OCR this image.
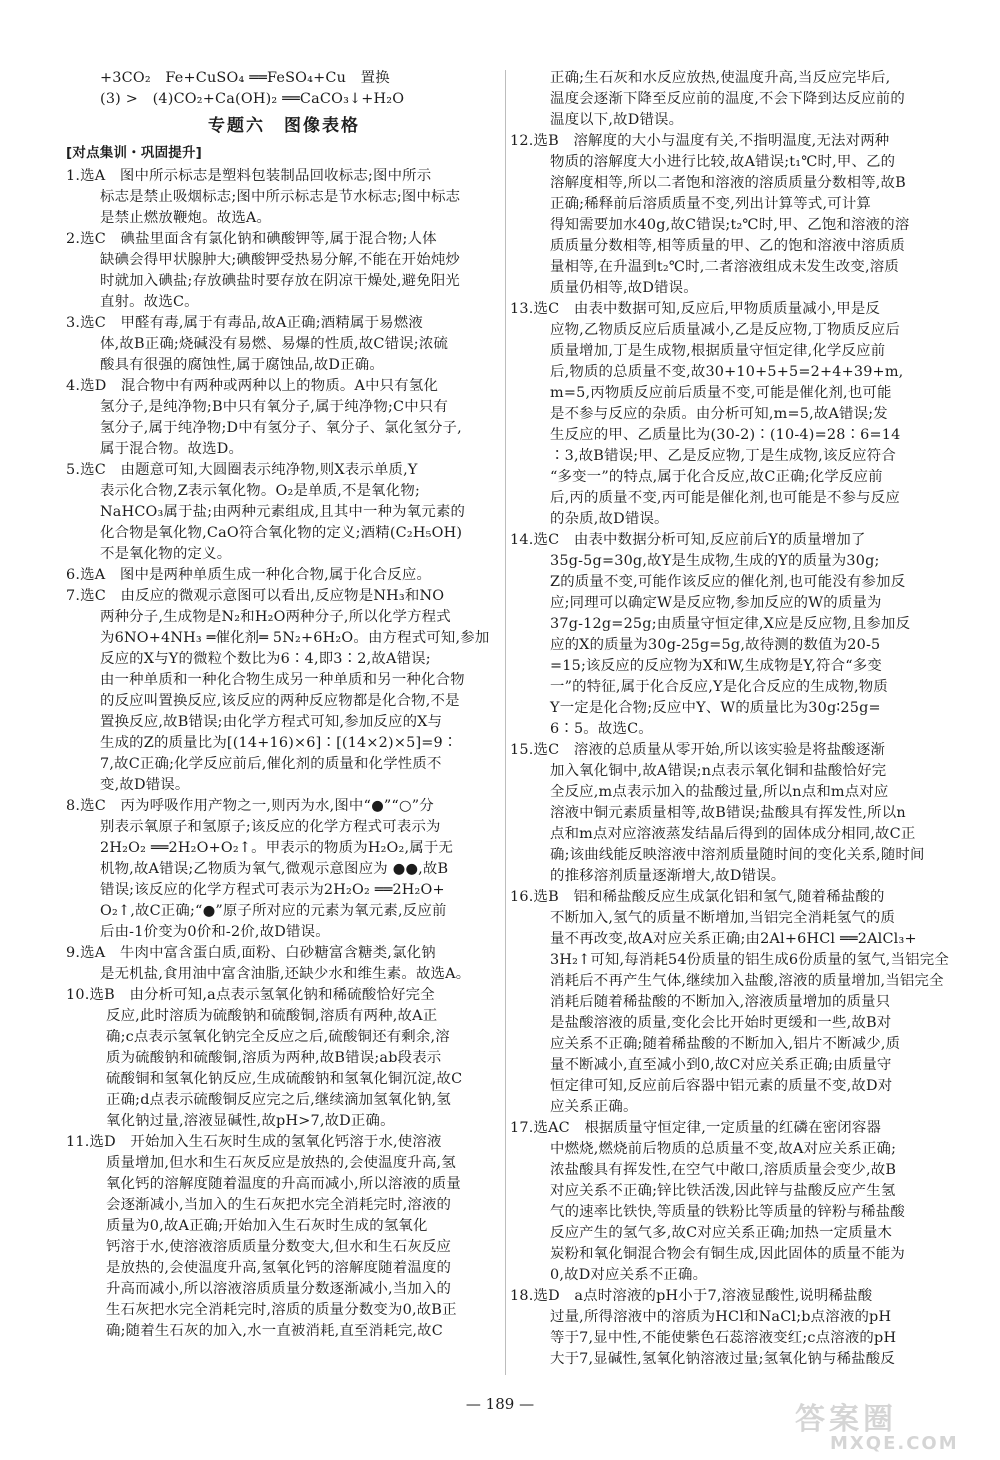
+3CO₂　Fe+CuSO₄ ══FeSO₄+Cu　置换
(3) >　(4)CO₂+Ca(OH)₂ ══CaCO₃↓+H₂O
专题六　图像表格
[对点集训・巩固提升]
1.选A　图中所示标志是塑料包装制品回收标志;图中所示
标志是禁止吸烟标志;图中所示标志是节水标志;图中标志
是禁止燃放鞭炮。故选A。
2.选C　碘盐里面含有氯化钠和碘酸钾等,属于混合物;人体
缺碘会得甲状腺肿大;碘酸钾受热易分解,不能在开始炖炒
时就加入碘盐;存放碘盐时要存放在阴凉干燥处,避免阳光
直射。故选C。
3.选C　甲醛有毒,属于有毒品,故A正确;酒精属于易燃液
体,故B正确;烧碱没有易燃、易爆的性质,故C错误;浓硫
酸具有很强的腐蚀性,属于腐蚀品,故D正确。
4.选D　混合物中有两种或两种以上的物质。A中只有氢化
氢分子,是纯净物;B中只有氧分子,属于纯净物;C中只有
氢分子,属于纯净物;D中有氢分子、氧分子、氯化氢分子,
属于混合物。故选D。
5.选C　由题意可知,大圆圈表示纯净物,则X表示单质,Y
表示化合物,Z表示氧化物。O₂是单质,不是氧化物;
NaHCO₃属于盐;由两种元素组成,且其中一种为氧元素的
化合物是氧化物,CaO符合氧化物的定义;酒精(C₂H₅OH)
不是氧化物的定义。
6.选A　图中是两种单质生成一种化合物,属于化合反应。
7.选C　由反应的微观示意图可以看出,反应物是NH₃和NO
两种分子,生成物是N₂和H₂O两种分子,所以化学方程式
为6NO+4NH₃ ═催化剂═ 5N₂+6H₂O。由方程式可知,参加
反应的X与Y的微粒个数比为6∶4,即3∶2,故A错误;
由一种单质和一种化合物生成另一种单质和另一种化合物
的反应叫置换反应,该反应的两种反应物都是化合物,不是
置换反应,故B错误;由化学方程式可知,参加反应的X与
生成的Z的质量比为[(14+16)×6]∶[(14×2)×5]=9∶
7,故C正确;化学反应前后,催化剂的质量和化学性质不
变,故D错误。
8.选C　丙为呼吸作用产物之一,则丙为水,图中“●”“○”分
别表示氧原子和氢原子;该反应的化学方程式可表示为
2H₂O₂ ══2H₂O+O₂↑。甲表示的物质为H₂O₂,属于无
机物,故A错误;乙物质为氧气,微观示意图应为 ●●,故B
错误;该反应的化学方程式可表示为2H₂O₂ ══2H₂O+
O₂↑,故C正确;“●”原子所对应的元素为氧元素,反应前
后由-1价变为0价和-2价,故D错误。
9.选A　牛肉中富含蛋白质,面粉、白砂糖富含糖类,氯化钠
是无机盐,食用油中富含油脂,还缺少水和维生素。故选A。
10.选B　由分析可知,a点表示氢氧化钠和稀硫酸恰好完全
反应,此时溶质为硫酸钠和硫酸铜,溶质有两种,故A正
确;c点表示氢氧化钠完全反应之后,硫酸铜还有剩余,溶
质为硫酸钠和硫酸铜,溶质为两种,故B错误;ab段表示
硫酸铜和氢氧化钠反应,生成硫酸钠和氢氧化铜沉淀,故C
正确;d点表示硫酸铜反应完之后,继续滴加氢氧化钠,氢
氧化钠过量,溶液显碱性,故pH>7,故D正确。
11.选D　开始加入生石灰时生成的氢氧化钙溶于水,使溶液
质量增加,但水和生石灰反应是放热的,会使温度升高,氢
氧化钙的溶解度随着温度的升高而减小,所以溶液的质量
会逐渐减小,当加入的生石灰把水完全消耗完时,溶液的
质量为0,故A正确;开始加入生石灰时生成的氢氧化
钙溶于水,使溶液溶质质量分数变大,但水和生石灰反应
是放热的,会使温度升高,氢氧化钙的溶解度随着温度的
升高而减小,所以溶液溶质质量分数逐渐减小,当加入的
生石灰把水完全消耗完时,溶质的质量分数变为0,故B正
确;随着生石灰的加入,水一直被消耗,直至消耗完,故C
正确;生石灰和水反应放热,使温度升高,当反应完毕后,
温度会逐渐下降至反应前的温度,不会下降到达反应前的
温度以下,故D错误。
12.选B　溶解度的大小与温度有关,不指明温度,无法对两种
物质的溶解度大小进行比较,故A错误;t₁℃时,甲、乙的
溶解度相等,所以二者饱和溶液的溶质质量分数相等,故B
正确;稀释前后溶质质量不变,列出计算等式,可计算
得知需要加水40g,故C错误;t₂℃时,甲、乙饱和溶液的溶
质质量分数相等,相等质量的甲、乙的饱和溶液中溶质质
量相等,在升温到t₂℃时,二者溶液组成未发生改变,溶质
质量仍相等,故D错误。
13.选C　由表中数据可知,反应后,甲物质质量减小,甲是反
应物,乙物质反应后质量减小,乙是反应物,丁物质反应后
质量增加,丁是生成物,根据质量守恒定律,化学反应前
后,物质的总质量不变,故30+10+5+5=2+4+39+m,
m=5,丙物质反应前后质量不变,可能是催化剂,也可能
是不参与反应的杂质。由分析可知,m=5,故A错误;发
生反应的甲、乙质量比为(30-2)∶(10-4)=28∶6=14
∶3,故B错误;甲、乙是反应物,丁是生成物,该反应符合
“多变一”的特点,属于化合反应,故C正确;化学反应前
后,丙的质量不变,丙可能是催化剂,也可能是不参与反应
的杂质,故D错误。
14.选C　由表中数据分析可知,反应前后Y的质量增加了
35g-5g=30g,故Y是生成物,生成的Y的质量为30g;
Z的质量不变,可能作该反应的催化剂,也可能没有参加反
应;同理可以确定W是反应物,参加反应的W的质量为
37g-12g=25g;由质量守恒定律,X应是反应物,且参加反
应的X的质量为30g-25g=5g,故待测的数值为20-5
=15;该反应的反应物为X和W,生成物是Y,符合“多变
一”的特征,属于化合反应,Y是化合反应的生成物,物质
Y一定是化合物;反应中Y、W的质量比为30g∶25g=
6∶5。故选C。
15.选C　溶液的总质量从零开始,所以该实验是将盐酸逐渐
加入氧化铜中,故A错误;n点表示氧化铜和盐酸恰好完
全反应,m点表示加入的盐酸过量,所以n点和m点对应
溶液中铜元素质量相等,故B错误;盐酸具有挥发性,所以n
点和m点对应溶液蒸发结晶后得到的固体成分相同,故C正
确;该曲线能反映溶液中溶剂质量随时间的变化关系,随时间
的推移溶剂质量逐渐增大,故D错误。
16.选B　铝和稀盐酸反应生成氯化铝和氢气,随着稀盐酸的
不断加入,氢气的质量不断增加,当铝完全消耗氢气的质
量不再改变,故A对应关系正确;由2Al+6HCl ══2AlCl₃+
3H₂↑可知,每消耗54份质量的铝生成6份质量的氢气,当铝完全
消耗后不再产生气体,继续加入盐酸,溶液的质量增加,当铝完全
消耗后随着稀盐酸的不断加入,溶液质量增加的质量只
是盐酸溶液的质量,变化会比开始时更缓和一些,故B对
应关系不正确;随着稀盐酸的不断加入,铝片不断减少,质
量不断减小,直至减小到0,故C对应关系正确;由质量守
恒定律可知,反应前后容器中铝元素的质量不变,故D对
应关系正确。
17.选AC　根据质量守恒定律,一定质量的红磷在密闭容器
中燃烧,燃烧前后物质的总质量不变,故A对应关系正确;
浓盐酸具有挥发性,在空气中敞口,溶质质量会变少,故B
对应关系不正确;锌比铁活泼,因此锌与盐酸反应产生氢
气的速率比铁快,等质量的铁粉比等质量的锌粉与稀盐酸
反应产生的氢气多,故C对应关系正确;加热一定质量木
炭粉和氧化铜混合物会有铜生成,因此固体的质量不能为
0,故D对应关系不正确。
18.选D　a点时溶液的pH小于7,溶液显酸性,说明稀盐酸
过量,所得溶液中的溶质为HCl和NaCl;b点溶液的pH
等于7,显中性,不能使紫色石蕊溶液变红;c点溶液的pH
大于7,显碱性,氢氧化钠溶液过量;氢氧化钠与稀盐酸反
— 189 —	答案圈
MXQE.COM
